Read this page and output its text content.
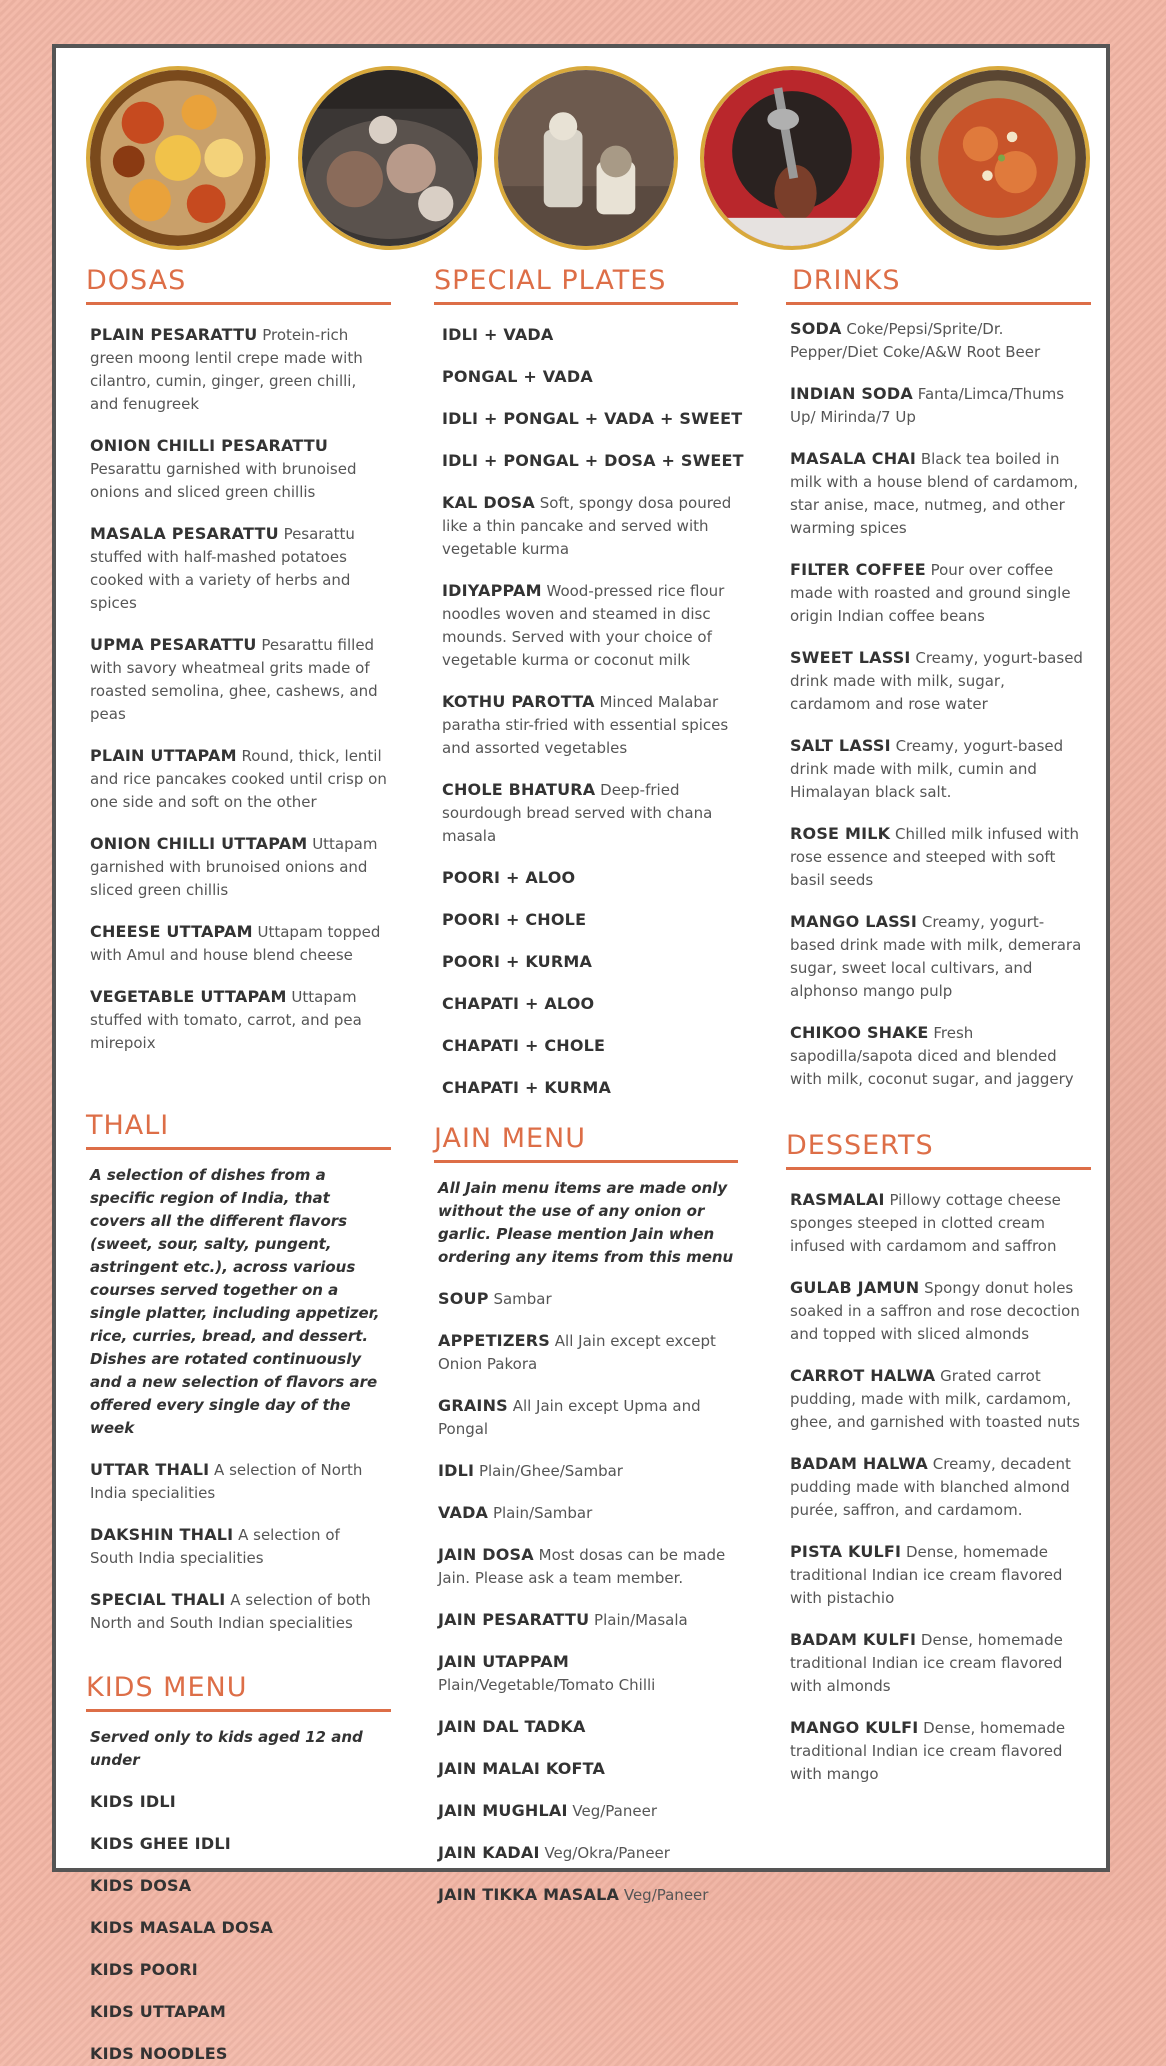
DOSAS
PLAIN PESARATTU Protein-rich green moong lentil crepe made with cilantro, cumin, ginger, green chilli, and fenugreek
ONION CHILLI PESARATTU Pesarattu garnished with brunoised onions and sliced green chillis
MASALA PESARATTU Pesarattu stuffed with half-mashed potatoes cooked with a variety of herbs and spices
UPMA PESARATTU Pesarattu filled with savory wheatmeal grits made of roasted semolina, ghee, cashews, and peas
PLAIN UTTAPAM Round, thick, lentil and rice pancakes cooked until crisp on one side and soft on the other
ONION CHILLI UTTAPAM Uttapam garnished with brunoised onions and sliced green chillis
CHEESE UTTAPAM Uttapam topped with Amul and house blend cheese
VEGETABLE UTTAPAM Uttapam stuffed with tomato, carrot, and pea mirepoix
THALI
A selection of dishes from a specific region of India, that covers all the different flavors (sweet, sour, salty, pungent, astringent etc.), across various courses served together on a single platter, including appetizer, rice, curries, bread, and dessert. Dishes are rotated continuously and a new selection of flavors are offered every single day of the week
UTTAR THALI A selection of North India specialities
DAKSHIN THALI A selection of South India specialities
SPECIAL THALI A selection of both North and South Indian specialities
KIDS MENU
Served only to kids aged 12 and under
KIDS IDLI
KIDS GHEE IDLI
KIDS DOSA
KIDS MASALA DOSA
KIDS POORI
KIDS UTTAPAM
KIDS NOODLES
SPECIAL PLATES
IDLI + VADA
PONGAL + VADA
IDLI + PONGAL + VADA + SWEET
IDLI + PONGAL + DOSA + SWEET
KAL DOSA Soft, spongy dosa poured like a thin pancake and served with vegetable kurma
IDIYAPPAM Wood-pressed rice flour noodles woven and steamed in disc mounds. Served with your choice of vegetable kurma or coconut milk
KOTHU PAROTTA Minced Malabar paratha stir-fried with essential spices and assorted vegetables
CHOLE BHATURA Deep-fried sourdough bread served with chana masala
POORI + ALOO
POORI + CHOLE
POORI + KURMA
CHAPATI + ALOO
CHAPATI + CHOLE
CHAPATI + KURMA
JAIN MENU
All Jain menu items are made only without the use of any onion or garlic. Please mention Jain when ordering any items from this menu
SOUP Sambar
APPETIZERS All Jain except except Onion Pakora
GRAINS All Jain except Upma and Pongal
IDLI Plain/Ghee/Sambar
VADA Plain/Sambar
JAIN DOSA Most dosas can be made Jain. Please ask a team member.
JAIN PESARATTU Plain/Masala
JAIN UTAPPAM Plain/Vegetable/Tomato Chilli
JAIN DAL TADKA
JAIN MALAI KOFTA
JAIN MUGHLAI Veg/Paneer
JAIN KADAI Veg/Okra/Paneer
JAIN TIKKA MASALA Veg/Paneer
DRINKS
SODA Coke/Pepsi/Sprite/Dr. Pepper/Diet Coke/A&W Root Beer
INDIAN SODA Fanta/Limca/Thums Up/ Mirinda/7 Up
MASALA CHAI Black tea boiled in milk with a house blend of cardamom, star anise, mace, nutmeg, and other warming spices
FILTER COFFEE Pour over coffee made with roasted and ground single origin Indian coffee beans
SWEET LASSI Creamy, yogurt-based drink made with milk, sugar, cardamom and rose water
SALT LASSI Creamy, yogurt-based drink made with milk, cumin and Himalayan black salt.
ROSE MILK Chilled milk infused with rose essence and steeped with soft basil seeds
MANGO LASSI Creamy, yogurt-based drink made with milk, demerara sugar, sweet local cultivars, and alphonso mango pulp
CHIKOO SHAKE Fresh sapodilla/sapota diced and blended with milk, coconut sugar, and jaggery
DESSERTS
RASMALAI Pillowy cottage cheese sponges steeped in clotted cream infused with cardamom and saffron
GULAB JAMUN Spongy donut holes soaked in a saffron and rose decoction and topped with sliced almonds
CARROT HALWA Grated carrot pudding, made with milk, cardamom, ghee, and garnished with toasted nuts
BADAM HALWA Creamy, decadent pudding made with blanched almond purée, saffron, and cardamom.
PISTA KULFI Dense, homemade traditional Indian ice cream flavored with pistachio
BADAM KULFI Dense, homemade traditional Indian ice cream flavored with almonds
MANGO KULFI Dense, homemade traditional Indian ice cream flavored with mango
